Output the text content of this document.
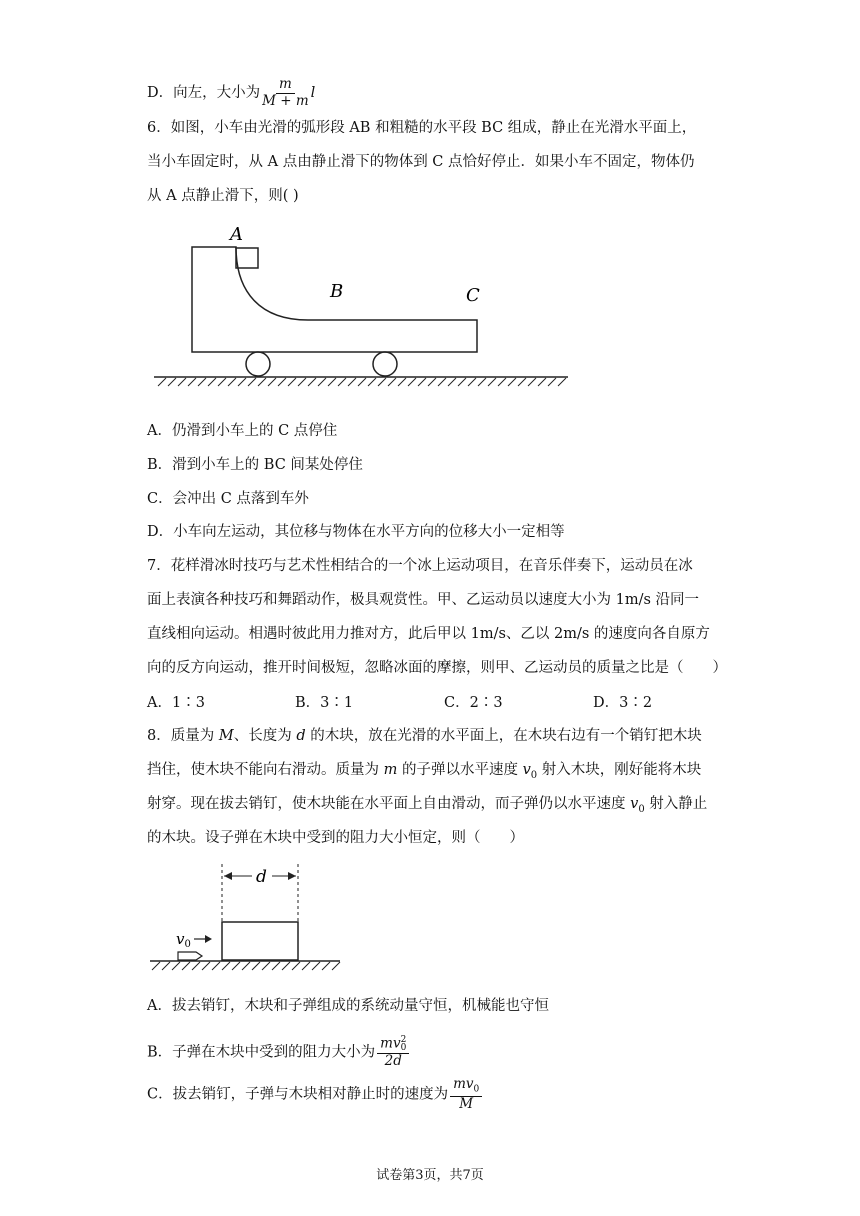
D．向左，大小为 $\frac{m}{M + m}$ l
6．如图，小车由光滑的弧形段 AB 和粗糙的水平段 BC 组成，静止在光滑水平面上，
当小车固定时，从 A 点由静止滑下的物体到 C 点恰好停止．如果小车不固定，物体仍
从 A 点静止滑下，则( )
A
B	C
A．仍滑到小车上的 C 点停住
B．滑到小车上的 BC 间某处停住
C．会冲出 C 点落到车外
D．小车向左运动，其位移与物体在水平方向的位移大小一定相等
7．花样滑冰时技巧与艺术性相结合的一个冰上运动项目，在音乐伴奏下，运动员在冰
面上表演各种技巧和舞蹈动作，极具观赏性。甲、乙运动员以速度大小为 1m/s 沿同一
直线相向运动。相遇时彼此用力推对方，此后甲以 1m/s、乙以 2m/s 的速度向各自原方
向的反方向运动，推开时间极短，忽略冰面的摩擦，则甲、乙运动员的质量之比是（　　）
A．1∶3	B．3∶1	C．2∶3	D．3∶2
8．质量为 M、长度为 d 的木块，放在光滑的水平面上，在木块右边有一个销钉把木块
挡住，使木块不能向右滑动。质量为 m 的子弹以水平速度 $v_0$ 射入木块，刚好能将木块
射穿。现在拔去销钉，使木块能在水平面上自由滑动，而子弹仍以水平速度 $v_0$ 射入静止
的木块。设子弹在木块中受到的阻力大小恒定，则（　　）
d
$v_0$
A．拔去销钉，木块和子弹组成的系统动量守恒，机械能也守恒
B．子弹在木块中受到的阻力大小为 mv 2
0
2d
C．拔去销钉，子弹与木块相对静止时的速度为 $\frac{mv_0}{M}$
试卷第3页，共7页
